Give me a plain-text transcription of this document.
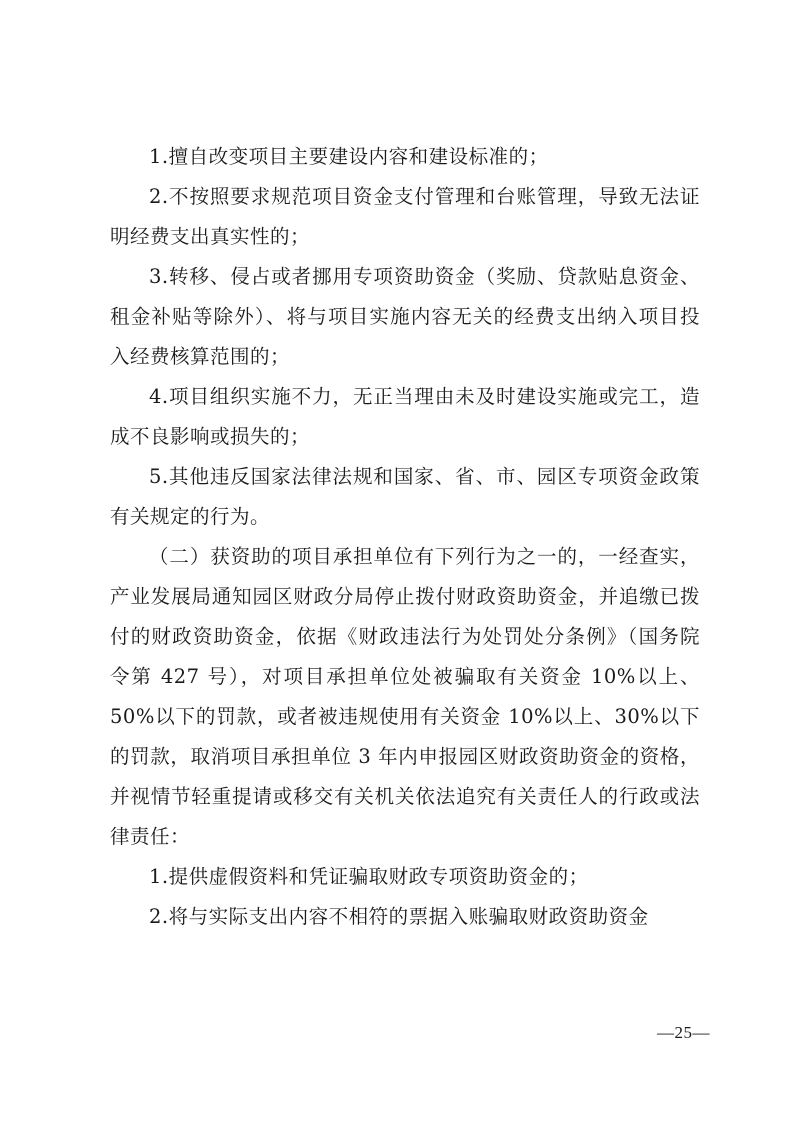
1.擅自改变项目主要建设内容和建设标准的；

2.不按照要求规范项目资金支付管理和台账管理，导致无法证明经费支出真实性的；

3.转移、侵占或者挪用专项资助资金（奖励、贷款贴息资金、租金补贴等除外）、将与项目实施内容无关的经费支出纳入项目投入经费核算范围的；

4.项目组织实施不力，无正当理由未及时建设实施或完工，造成不良影响或损失的；

5.其他违反国家法律法规和国家、省、市、园区专项资金政策有关规定的行为。

（二）获资助的项目承担单位有下列行为之一的，一经查实，产业发展局通知园区财政分局停止拨付财政资助资金，并追缴已拨付的财政资助资金，依据《财政违法行为处罚处分条例》（国务院令第 427 号），对项目承担单位处被骗取有关资金 10%以上、50%以下的罚款，或者被违规使用有关资金 10%以上、30%以下的罚款，取消项目承担单位 3 年内申报园区财政资助资金的资格，并视情节轻重提请或移交有关机关依法追究有关责任人的行政或法律责任：

1.提供虚假资料和凭证骗取财政专项资助资金的；

2.将与实际支出内容不相符的票据入账骗取财政资助资金

—25—
